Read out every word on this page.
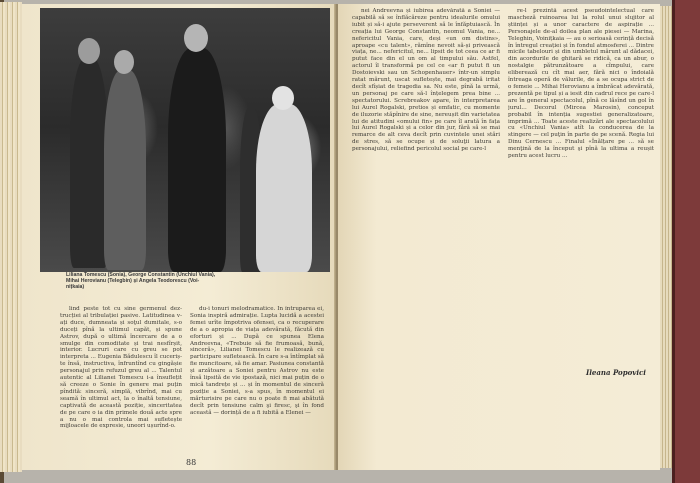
Liliana Tomescu (Sonia), George Constantin (Unchiul Vania),
Mihai Herovianu (Telegbin) și Angela Teodorescu (Voi-
nițkaia)

lind peste tot cu sine germenul deztrucției al tribulației pasive. Latitudinea v-ați duce, dumneata și soţul dumitale, s-o duceți pînă la ultimul capăt, și spune Astrov, după o ultimă încercare de a o smulge din comoditate și trai nesfîrșit, interior. Lucruri care cu greu se pot interpreta ... Eugenia Bădulescu îl cuceriște însă, instructiva, înfruntînd cu gingășie personajul prin refuzul greu al ... Talentul autentic al Lilianei Tomescu i-a însuflețit să creeze o Sonie în genere mai puțin pîndită: sinceră, simplă, vibrînd, mai cu seamă în ultimul act, la o înaltă tensiune, captivată de această poziție, sinceritatea de pe care o ia din primele două acte spre a nu o mai controla mai sufletește mijloacele de expresie, uneori ușurînd-o.

du-i tonuri melodramatice. În întruparea ei, Sonia inspiră admirație. Lupta lucidă a acestei femei urîte împotriva ofensei, ca o recuperare de a o apropia de viața adevărată, făcută din eforturi și ... După ce spunea Elena Andreevna, «Trebuie să fie frumoasă, bună, sinceră», Lilianei Tomescu le realizează cu participare sufletească. În care s-a întîmplat să fie muncitoare, să fie amar. Pasiunea constantă și arzătoare a Soniei pentru Astrov nu este însă lipsită de vie ipostază, nici mai puțin de o mică tandrețe și ... și în momentul de sinceră poziție a Soniei, s-a spus, în momentul ei mărturisire pe care nu o poate fi mai abătută decît prin tensiune calm şi firesc, şi în fond această — dorință de a fi iubită a Elenei —

nei Andreevna și iubirea adevărată a Soniei — capabilă să se înflăcăreze pentru idealurile omului iubit și să-i ajute perseverent să le înfăptuiască. În creația lui George Constantin, neomul Vania, ne... nefericitul Vania, care, deși «un om distins», aproape «cu talent», rămîne nevoit să-și privească viața, ne... nefericitul, ne... lipsit de tot ceea ce ar fi putut face din el un om al timpului său. Astfel, actorul îl transformă pe cel ce «ar fi putut fi un Dostoievski sau un Schopenhauer» într-un simplu ratat mărunt, uscat sufletește, mai degrabă iritat decît sfîșiat de tragedia sa. Nu este, pînă la urmă, un personaj pe care să-l înțelegem prea bine ... spectatorului. Screbreakov apare, în interpretarea lui Aurel Rogalski, pretios și emfatic, cu momente de iluzorie stăpînire de sine, nereușit din varietatea lui de atitudini «omului fin» pe care îl arată în fața lui Aurel Rogalski și a celor din jur, fără să se mai remarce de alt ceva decît prin cuvintele unei stări de stres, să se ocupe și de soluţii latura a personajului, reliefind pericolul social pe care-l

re-l prezintă acest pseudointelectual care mascheză ruinoarea lui la rolul unui slujitor al științei și a unor caractere de aspirație ... Personajele de-al doilea plan ale piesei — Marina, Teleghin, Voinițkaia — au o serioasă cerință decisă în întregul creației și în fondul atmosferei ... Dintre micile tabelouri și din umbletul mărunt al dădacei, din acordurile de ghitară se ridică, ca un abur, o nostalgie pătrunzătoare a cîmpului, care eliberează cu cît mai aer, fără nici o îndoială întreaga operă de vălurile, de a se ocupa strict de o femeie ... Mihai Herovianu a îmbrăcat adevărată, prezentă pe tipul și a iesit din cadrul rece pe care-l are în general spectacolul, pînă ce lăsînd un gol în jurul... Decorul (Mircea Marosin), conceput probabil în intenția sugestiei generalizatoare, imprimă ... Toate aceste realizări ale spectacolului cu «Unchiul Vania» atît la conducerea de la stingere — cel puţin în parte de pe scenă. Regia lui Dinu Cernescu ... Finalul «Înălțare pe ... să se menţină de la început şi pînă la ultima a reușit pentru acest lucru ...

88
Ileana Popovici
